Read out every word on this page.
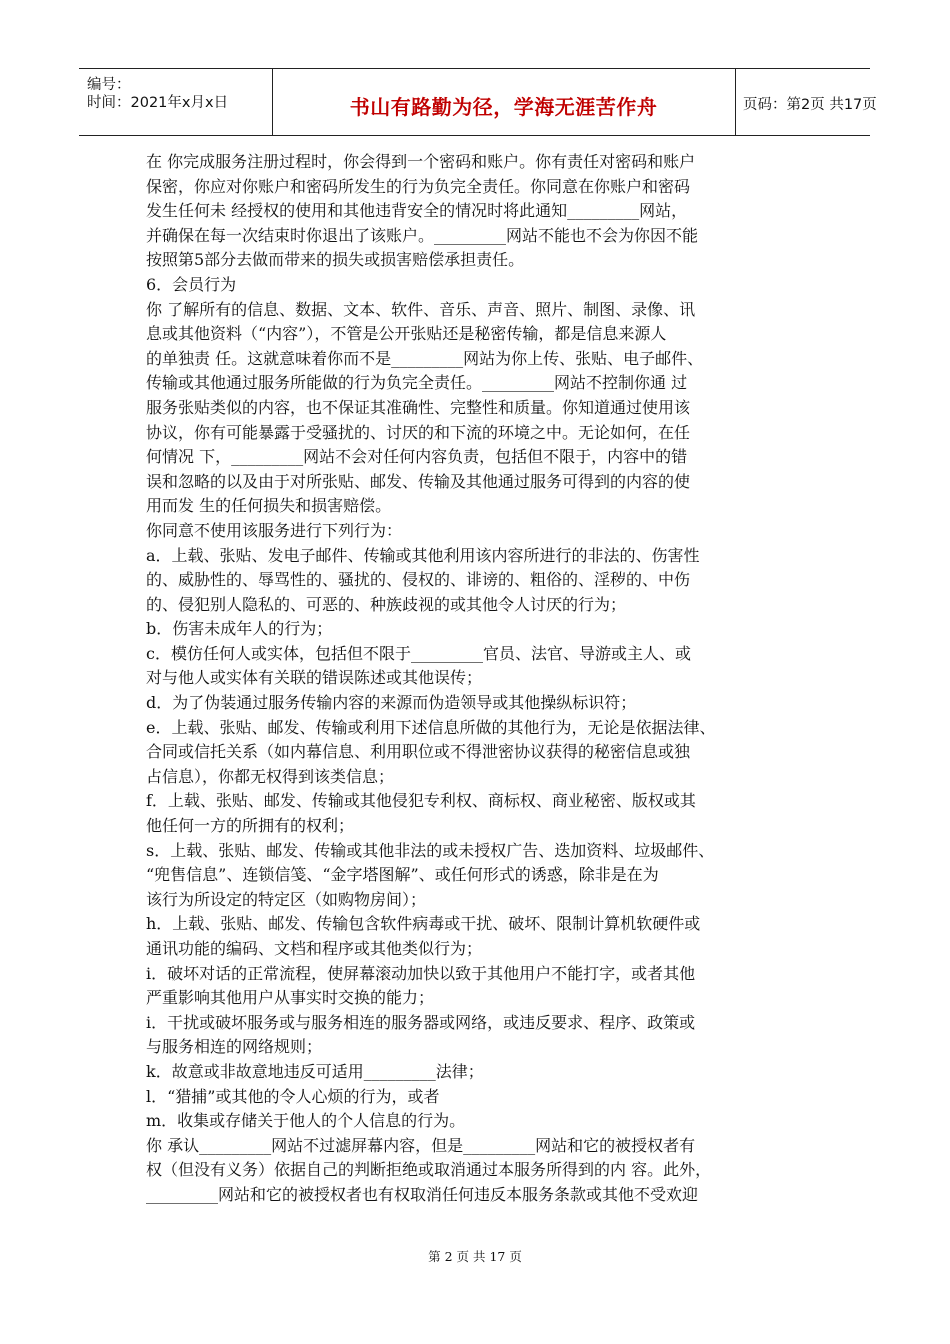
编号：
时间：2021年x月x日	书山有路勤为径，学海无涯苦作舟	页码：第2页 共17页
在 你完成服务注册过程时，你会得到一个密码和账户。你有责任对密码和账户
保密，你应对你账户和密码所发生的行为负完全责任。你同意在你账户和密码
发生任何未 经授权的使用和其他违背安全的情况时将此通知_________网站，
并确保在每一次结束时你退出了该账户。_________网站不能也不会为你因不能
按照第5部分去做而带来的损失或损害赔偿承担责任。
6．会员行为
你 了解所有的信息、数据、文本、软件、音乐、声音、照片、制图、录像、讯
息或其他资料（“内容”），不管是公开张贴还是秘密传输，都是信息来源人
的单独责 任。这就意味着你而不是_________网站为你上传、张贴、电子邮件、
传输或其他通过服务所能做的行为负完全责任。_________网站不控制你通 过
服务张贴类似的内容，也不保证其准确性、完整性和质量。你知道通过使用该
协议，你有可能暴露于受骚扰的、讨厌的和下流的环境之中。无论如何，在任
何情况 下，_________网站不会对任何内容负责，包括但不限于，内容中的错
误和忽略的以及由于对所张贴、邮发、传输及其他通过服务可得到的内容的使
用而发 生的任何损失和损害赔偿。
你同意不使用该服务进行下列行为：
a．上载、张贴、发电子邮件、传输或其他利用该内容所进行的非法的、伤害性
的、威胁性的、辱骂性的、骚扰的、侵权的、诽谤的、粗俗的、淫秽的、中伤
的、侵犯别人隐私的、可恶的、种族歧视的或其他令人讨厌的行为；
b．伤害未成年人的行为；
c．模仿任何人或实体，包括但不限于_________官员、法官、导游或主人、或
对与他人或实体有关联的错误陈述或其他误传；
d．为了伪装通过服务传输内容的来源而伪造领导或其他操纵标识符；
e．上载、张贴、邮发、传输或利用下述信息所做的其他行为，无论是依据法律、
合同或信托关系（如内幕信息、利用职位或不得泄密协议获得的秘密信息或独
占信息），你都无权得到该类信息；
f．上载、张贴、邮发、传输或其他侵犯专利权、商标权、商业秘密、版权或其
他任何一方的所拥有的权利；
s．上载、张贴、邮发、传输或其他非法的或未授权广告、迭加资料、垃圾邮件、
“兜售信息”、连锁信笺、“金字塔图解”、或任何形式的诱惑，除非是在为
该行为所设定的特定区（如购物房间）；
h．上载、张贴、邮发、传输包含软件病毒或干扰、破坏、限制计算机软硬件或
通讯功能的编码、文档和程序或其他类似行为；
i．破坏对话的正常流程，使屏幕滚动加快以致于其他用户不能打字，或者其他
严重影响其他用户从事实时交换的能力；
i．干扰或破坏服务或与服务相连的服务器或网络，或违反要求、程序、政策或
与服务相连的网络规则；
k．故意或非故意地违反可适用_________法律；
l．“猎捕”或其他的令人心烦的行为，或者
m．收集或存储关于他人的个人信息的行为。
你 承认_________网站不过滤屏幕内容，但是_________网站和它的被授权者有
权（但没有义务）依据自己的判断拒绝或取消通过本服务所得到的内 容。此外，
_________网站和它的被授权者也有权取消任何违反本服务条款或其他不受欢迎
第 2 页 共 17 页
